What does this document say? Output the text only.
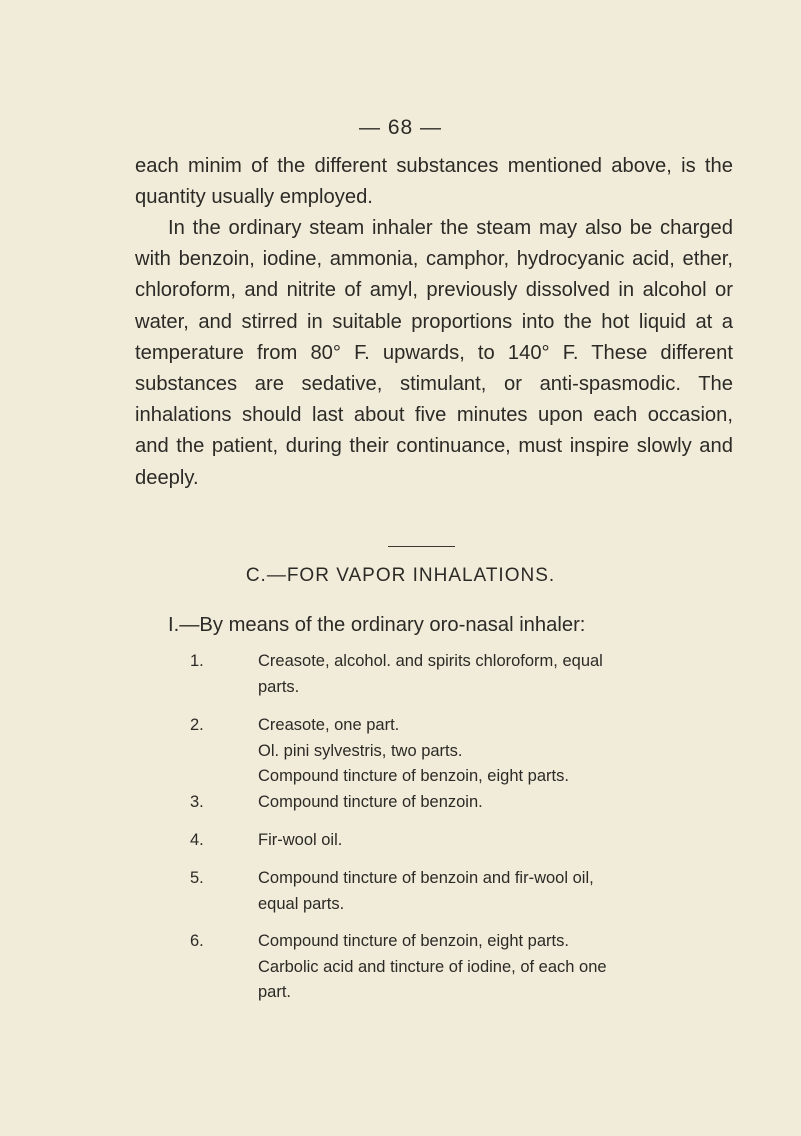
— 68 —

each minim of the different substances mentioned above, is the quantity usually employed.

In the ordinary steam inhaler the steam may also be charged with benzoin, iodine, ammonia, camphor, hydrocyanic acid, ether, chloroform, and nitrite of amyl, previously dissolved in alcohol or water, and stirred in suitable proportions into the hot liquid at a temperature from 80° F. upwards, to 140° F. These different substances are sedative, stimulant, or anti-spasmodic. The inhalations should last about five minutes upon each occasion, and the patient, during their continuance, must inspire slowly and deeply.

C.—FOR VAPOR INHALATIONS.
I.—By means of the ordinary oro-nasal inhaler:
1.	Creasote, alcohol. and spirits chloroform, equal
parts.
2.	Creasote, one part.
Ol. pini sylvestris, two parts.
Compound tincture of benzoin, eight parts.
3.	Compound tincture of benzoin.
4.	Fir-wool oil.
5.	Compound tincture of benzoin and fir-wool oil,
equal parts.
6.	Compound tincture of benzoin, eight parts.
Carbolic acid and tincture of iodine, of each one
part.
